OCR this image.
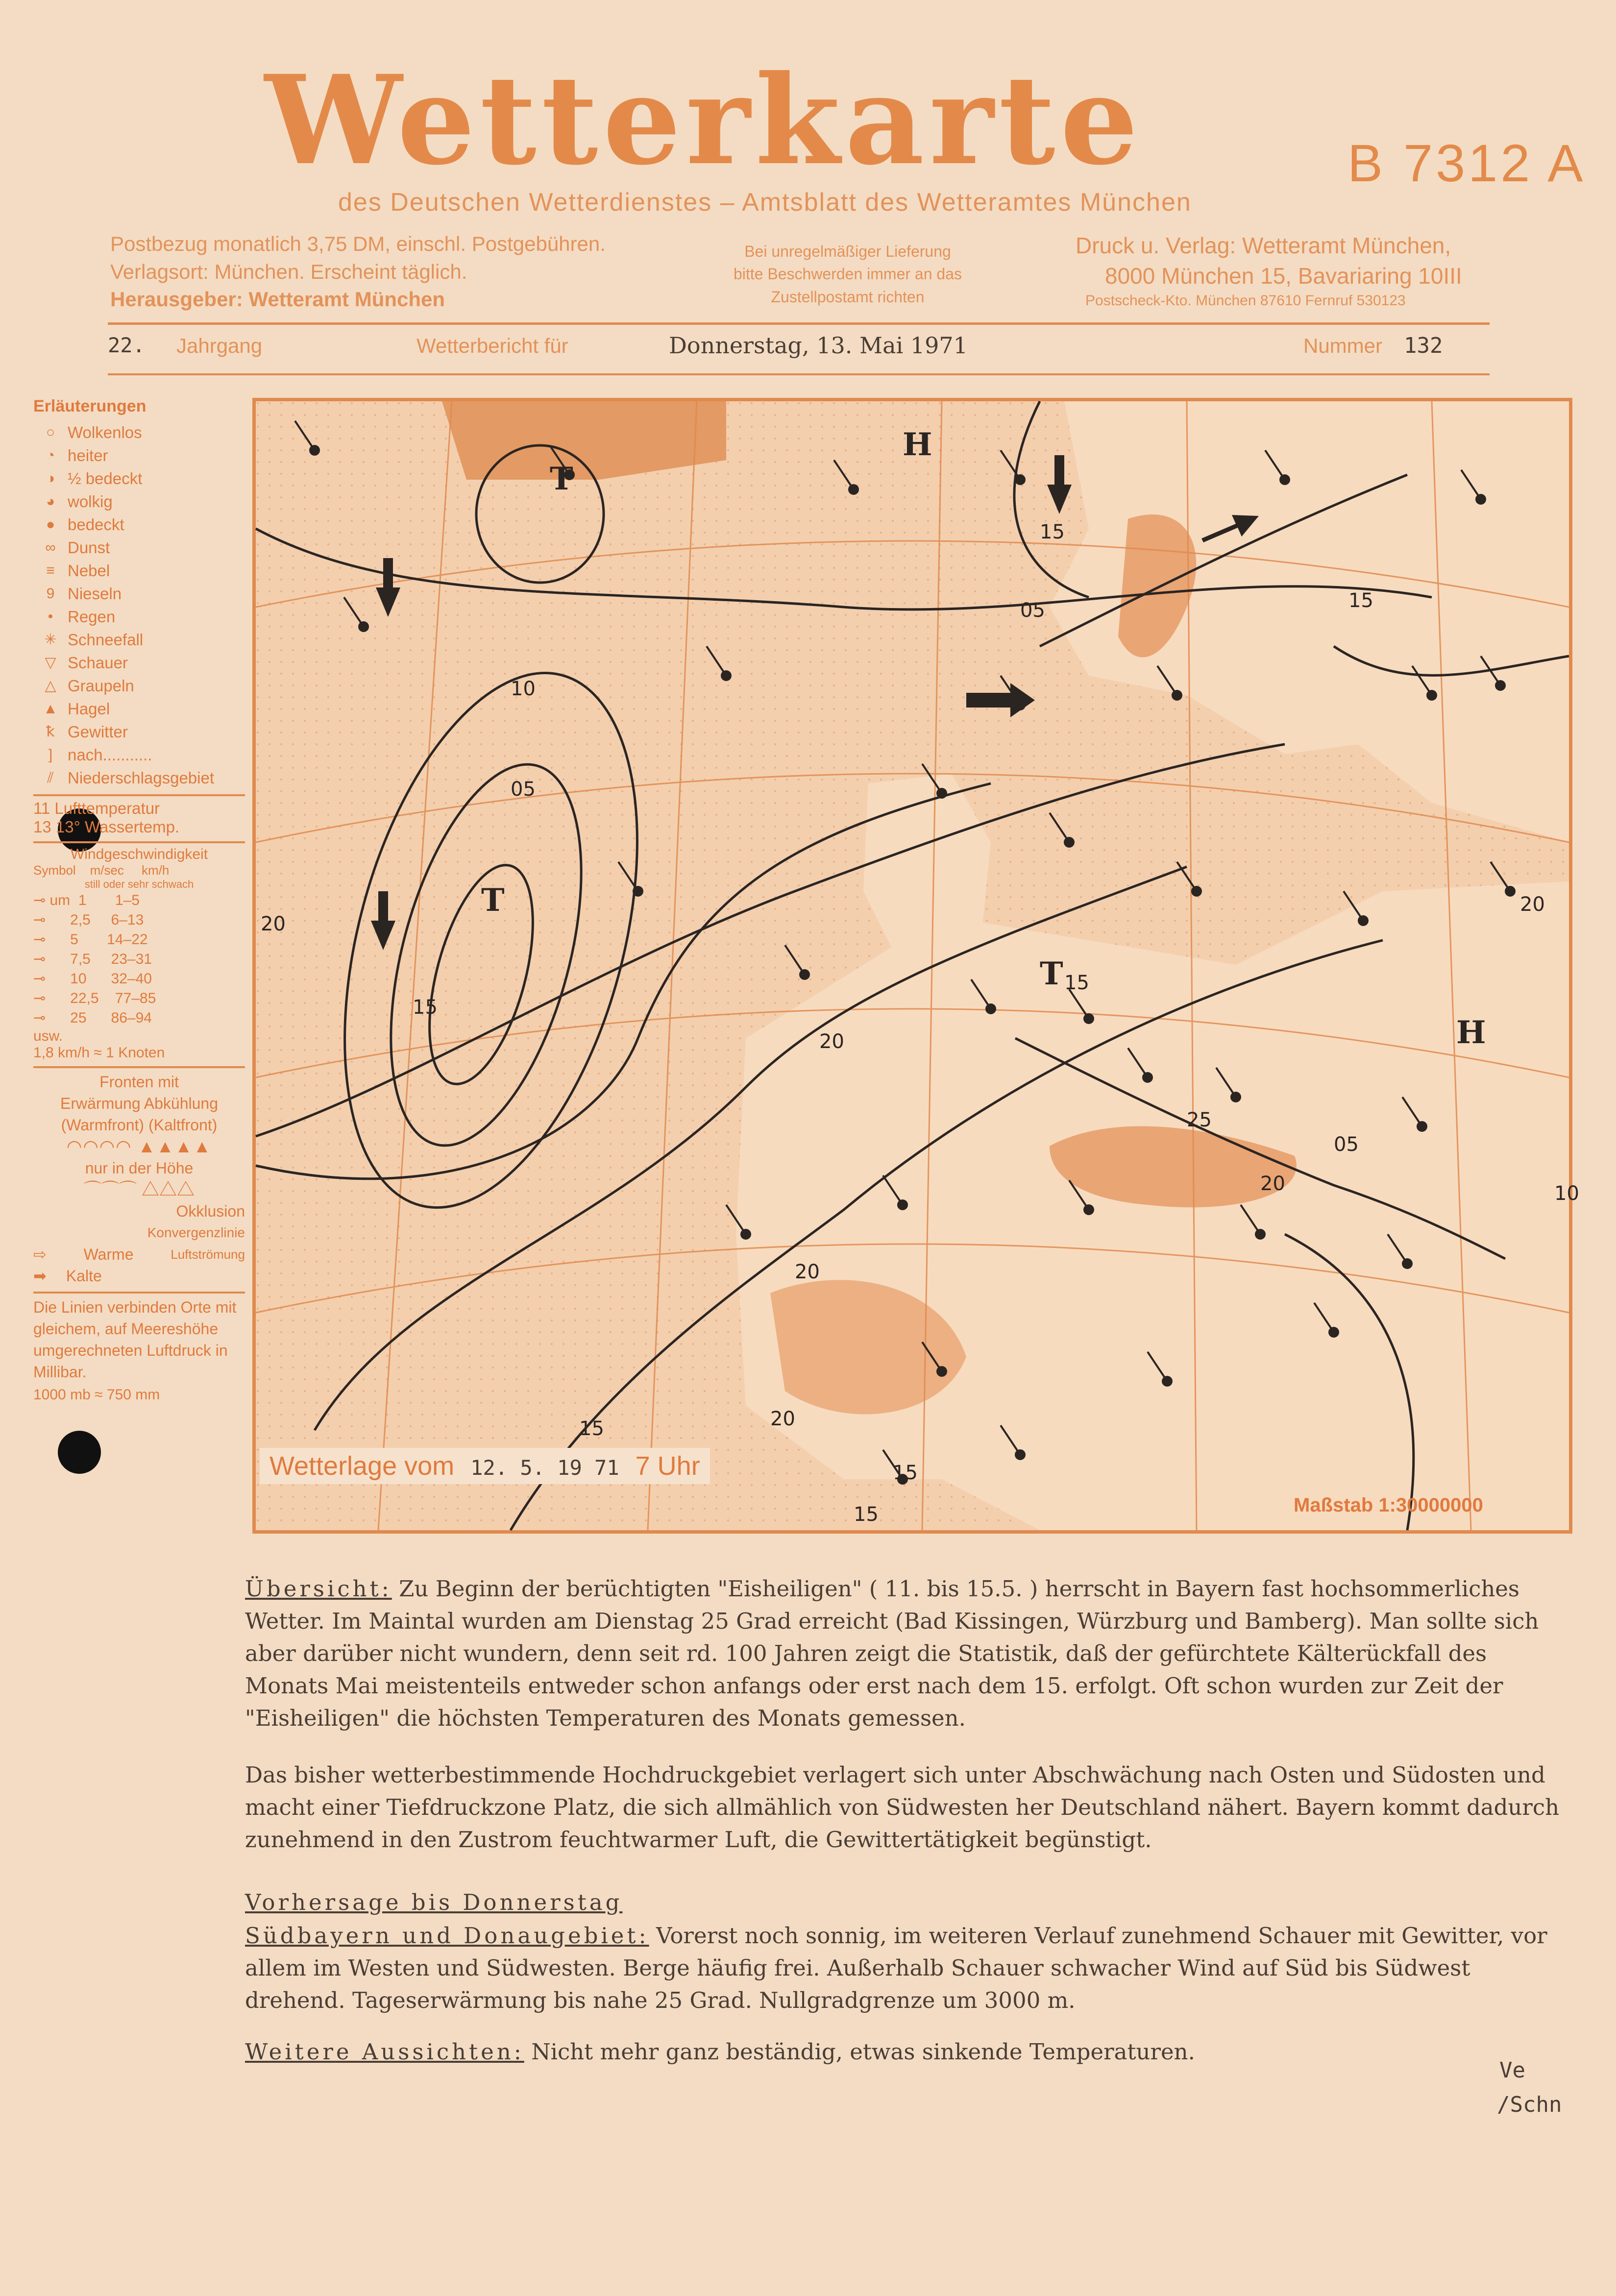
Wetterkarte	B 7312 A
des Deutschen Wetterdienstes – Amtsblatt des Wetteramtes München
Postbezug monatlich 3,75 DM, einschl. Postgebühren.
Verlagsort: München. Erscheint täglich.
Herausgeber: Wetteramt München
Bei unregelmäßiger Lieferung
bitte Beschwerden immer an das
Zustellpostamt richten
Druck u. Verlag: Wetteramt München,
8000 München 15, Bavariaring 10III
Postscheck-Kto. München 87610 Fernruf 530123
22. Jahrgang	Wetterbericht für	Donnerstag, 13. Mai 1971	Nummer 132
Erläuterungen
○ Wolkenlos
◔ heiter
◑ ½ bedeckt
◕ wolkig
● bedeckt
∞ Dunst
≡ Nebel
9 Nieseln
• Regen
✳ Schneefall
▽ Schauer
△ Graupeln
▲ Hagel
ꝁ Gewitter
] nach...........
⫽ Niederschlagsgebiet
11 Lufttemperatur
13 13° Wassertemp.
Windgeschwindigkeit
Symbol    m/sec     km/h
still oder sehr schwach
⊸ um  1       1–5
⊸      2,5     6–13
⊸      5       14–22
⊸      7,5     23–31
⊸      10      32–40
⊸      22,5    77–85
⊸      25      86–94
usw.
1,8 km/h ≈ 1 Knoten
Fronten mit
Erwärmung Abkühlung
(Warmfront) (Kaltfront)
◠◠◠◠ ▲▲▲▲
nur in der Höhe
⌒⌒⌒ △△△
Okklusion
Konvergenzlinie
⇨ Warme	Luftströmung
➡ Kalte
Die Linien verbinden Orte mit gleichem, auf Meereshöhe umgerechneten Luftdruck in Millibar.
1000 mb ≈ 750 mm
20
05
10
15
20
15
20
05	15
20
10
15
15
05
15
20
25
20
15
T
T
H
T
H
Wetterlage vom 12. 5. 19 71 7 Uhr
Maßstab 1:30000000
Übersicht: Zu Beginn der berüchtigten "Eisheiligen" ( 11. bis 15.5. ) herrscht in Bayern fast hochsommerliches Wetter. Im Maintal wurden am Dienstag 25 Grad erreicht (Bad Kissingen, Würzburg und Bamberg). Man sollte sich aber darüber nicht wundern, denn seit rd. 100 Jahren zeigt die Statistik, daß der gefürchtete Kälterückfall des Monats Mai meistenteils entweder schon anfangs oder erst nach dem 15. erfolgt. Oft schon wurden zur Zeit der "Eisheiligen" die höchsten Temperaturen des Monats gemessen.
Das bisher wetterbestimmende Hochdruckgebiet verlagert sich unter Abschwächung nach Osten und Südosten und macht einer Tiefdruckzone Platz, die sich allmählich von Südwesten her Deutschland nähert. Bayern kommt dadurch zunehmend in den Zustrom feuchtwarmer Luft, die Gewittertätigkeit begünstigt.
Vorhersage bis Donnerstag
Südbayern und Donaugebiet: Vorerst noch sonnig, im weiteren Verlauf zunehmend Schauer mit Gewitter, vor allem im Westen und Südwesten. Berge häufig frei. Außerhalb Schauer schwacher Wind auf Süd bis Südwest drehend. Tageserwärmung bis nahe 25 Grad. Nullgradgrenze um 3000 m.
Weitere Aussichten: Nicht mehr ganz beständig, etwas sinkende Temperaturen.
Ve
/Schn
